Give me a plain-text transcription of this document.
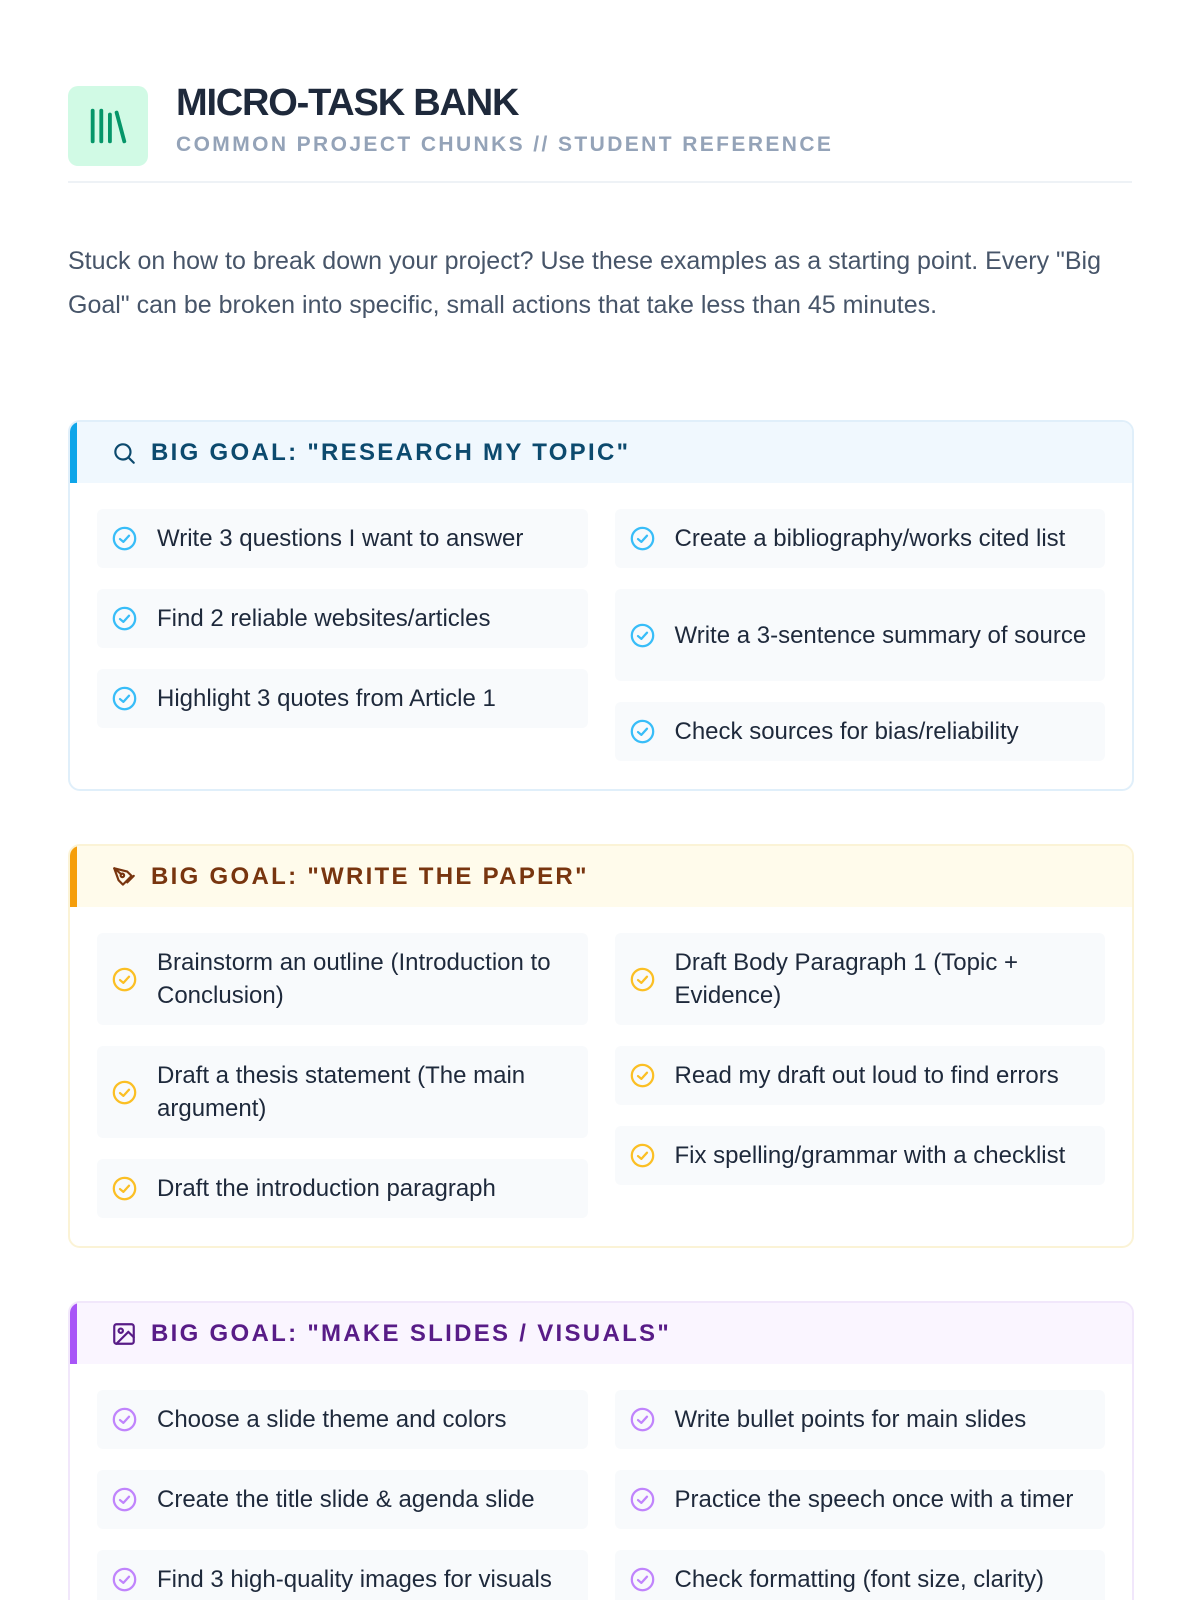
MICRO-TASK BANK
COMMON PROJECT CHUNKS // STUDENT REFERENCE

Stuck on how to break down your project? Use these examples as a starting point. Every "Big Goal" can be broken into specific, small actions that take less than 45 minutes.

BIG GOAL: "RESEARCH MY TOPIC"
Write 3 questions I want to answer
Find 2 reliable websites/articles
Highlight 3 quotes from Article 1
Create a bibliography/works cited list
Write a 3-sentence summary of source
Check sources for bias/reliability
BIG GOAL: "WRITE THE PAPER"
Brainstorm an outline (Introduction to Conclusion)
Draft a thesis statement (The main argument)
Draft the introduction paragraph
Draft Body Paragraph 1 (Topic + Evidence)
Read my draft out loud to find errors
Fix spelling/grammar with a checklist
BIG GOAL: "MAKE SLIDES / VISUALS"
Choose a slide theme and colors
Create the title slide & agenda slide
Find 3 high-quality images for visuals
Write bullet points for main slides
Practice the speech once with a timer
Check formatting (font size, clarity)
